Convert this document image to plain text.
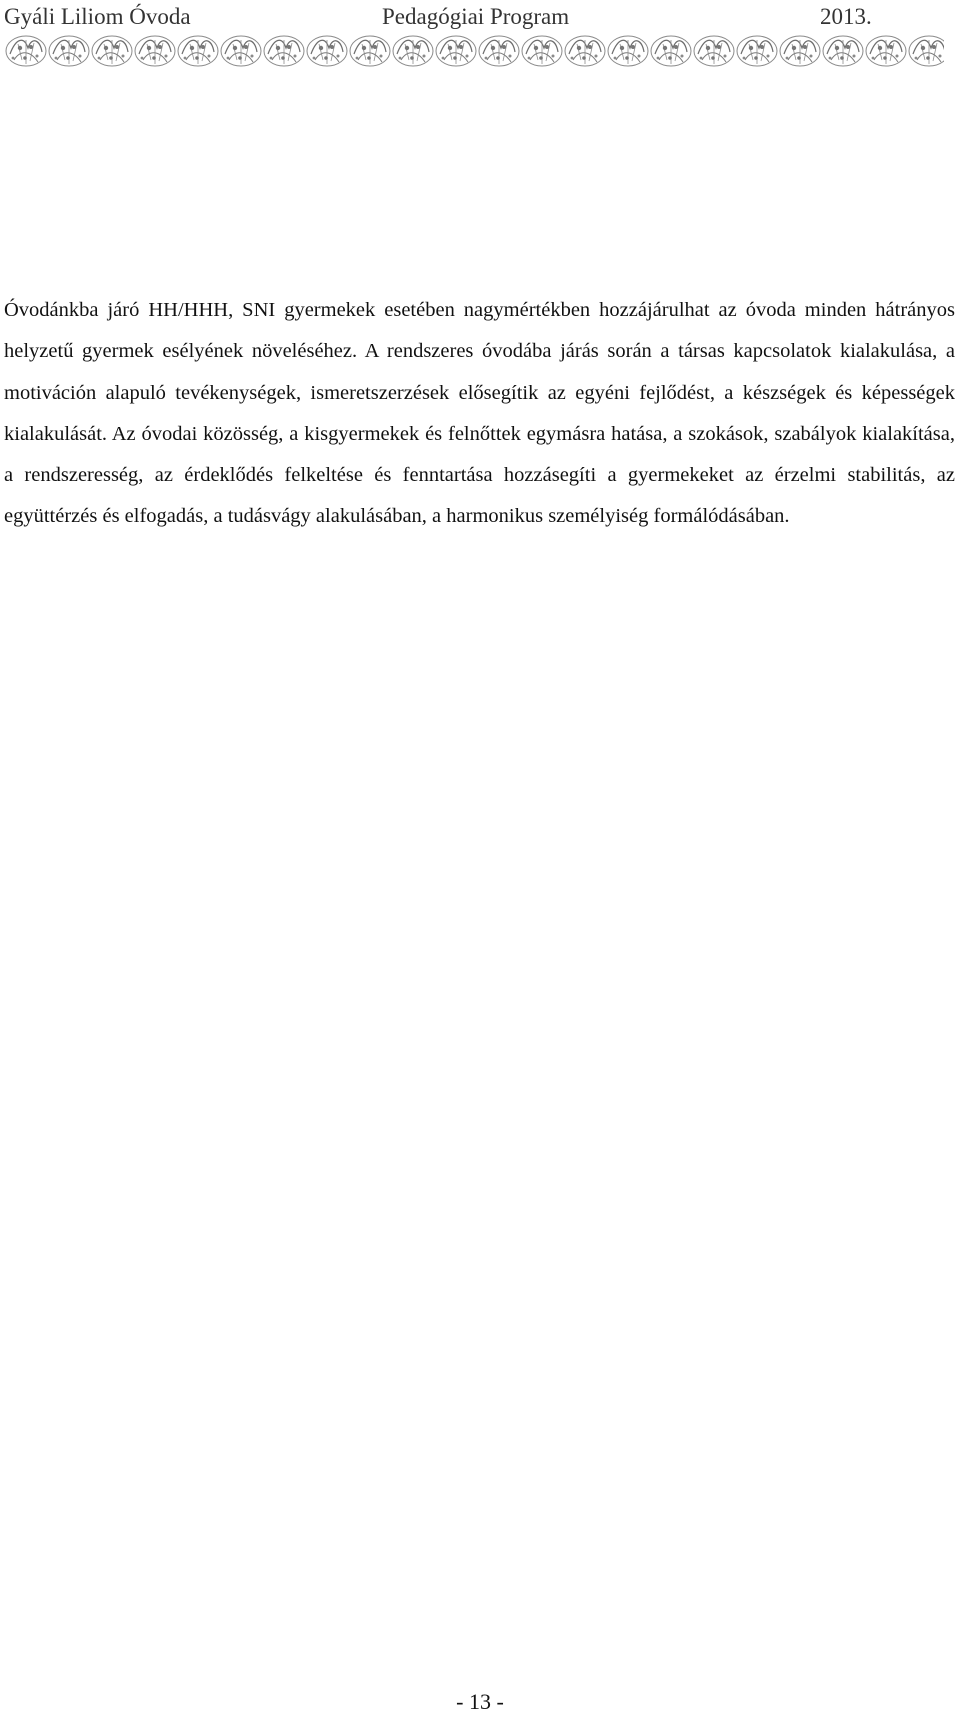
Gyáli Liliom Óvoda	Pedagógiai Program	2013.

Óvodánkba járó HH/HHH, SNI gyermekek esetében nagymértékben hozzájárulhat az óvoda minden hátrányos helyzetű gyermek esélyének növeléséhez. A rendszeres óvodába járás során a társas kapcsolatok kialakulása, a motiváción alapuló tevékenységek, ismeretszerzések elősegítik az egyéni fejlődést, a készségek és képességek kialakulását. Az óvodai közösség, a kisgyermekek és felnőttek egymásra hatása, a szokások, szabályok kialakítása, a rendszeresség, az érdeklődés felkeltése és fenntartása hozzásegíti a gyermekeket az érzelmi stabilitás, az együttérzés és elfogadás, a tudásvágy alakulásában, a harmonikus személyiség formálódásában.

- 13 -
